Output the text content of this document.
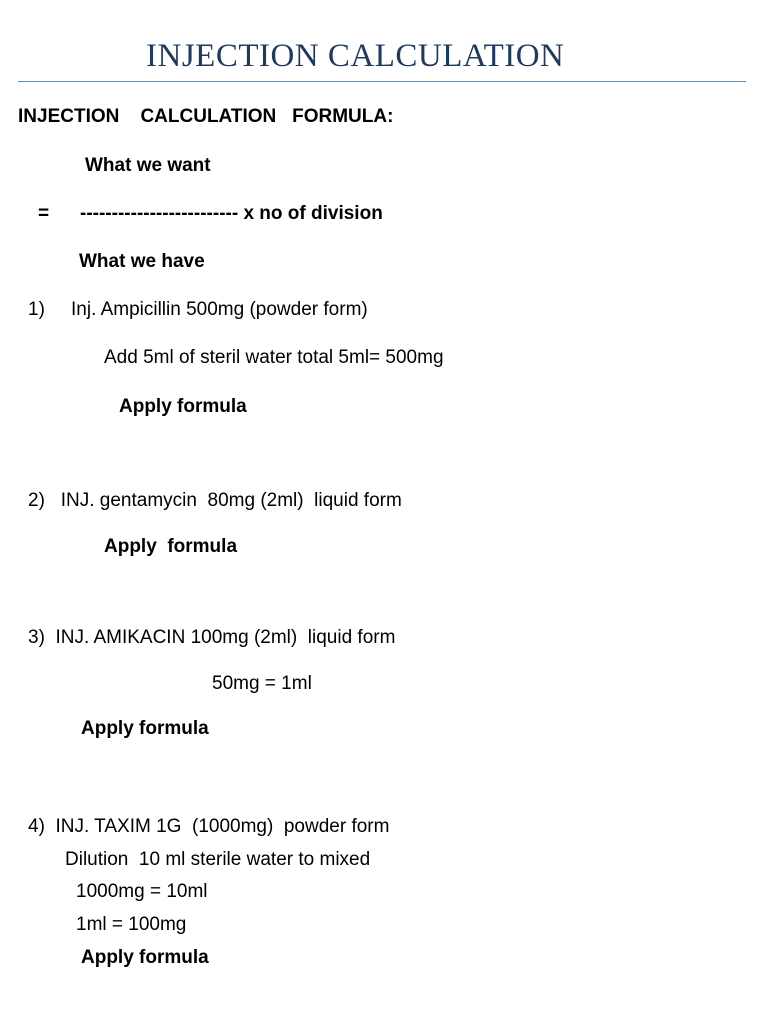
INJECTION CALCULATION
INJECTION    CALCULATION   FORMULA:
What we want
= ------------------------- x no of division
What we have
1) Inj. Ampicillin 500mg (powder form)
Add 5ml of steril water total 5ml= 500mg
Apply formula
2)   INJ. gentamycin  80mg (2ml)  liquid form
Apply  formula
3)  INJ. AMIKACIN 100mg (2ml)  liquid form
50mg = 1ml
Apply formula
4)  INJ. TAXIM 1G  (1000mg)  powder form
Dilution  10 ml sterile water to mixed
1000mg = 10ml
1ml = 100mg
Apply formula
